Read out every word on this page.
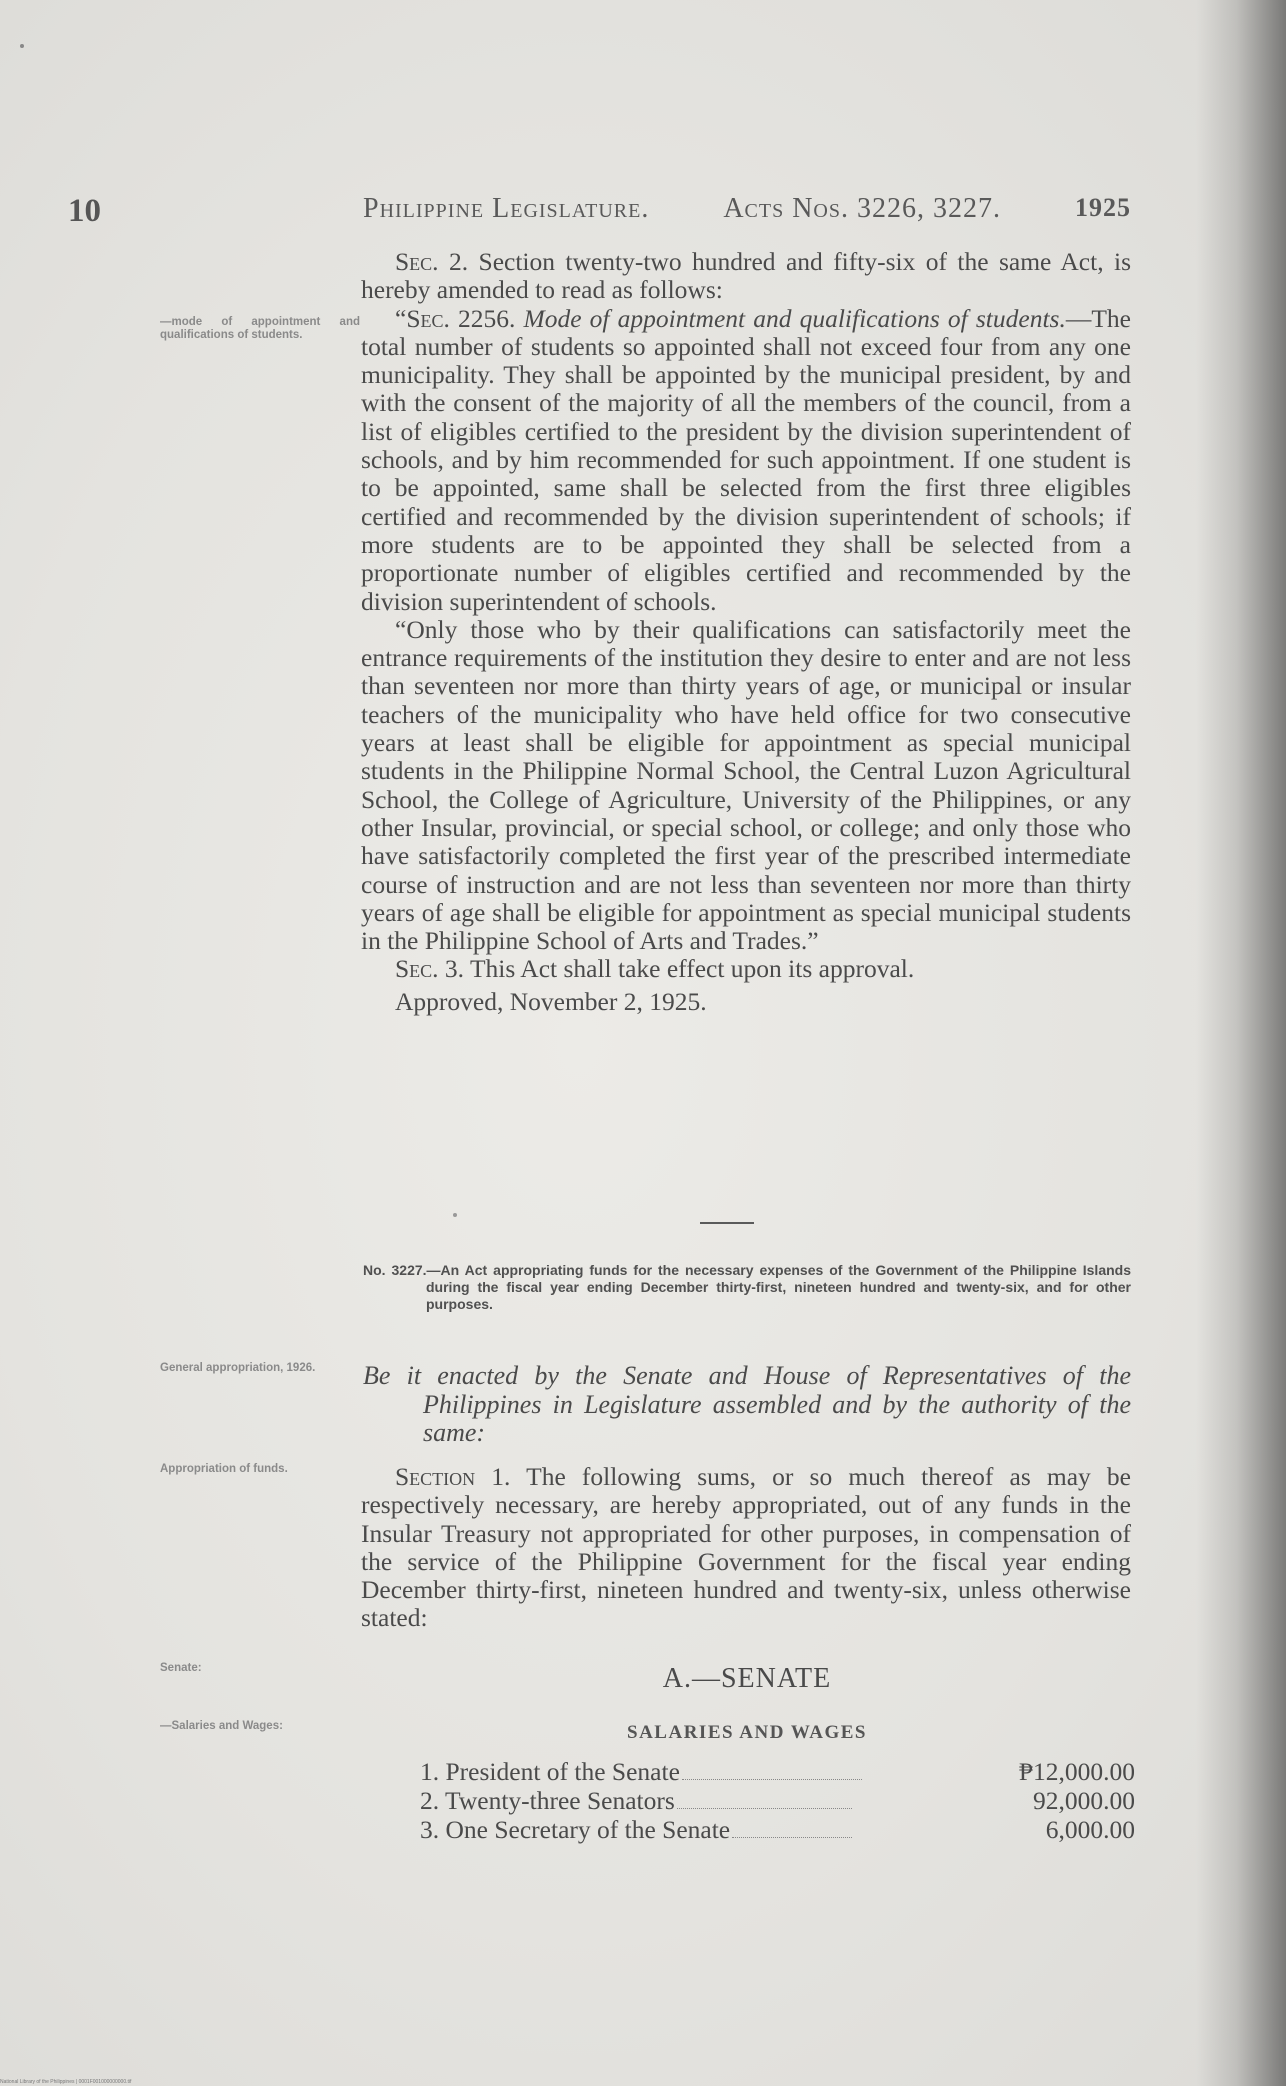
10	Philippine Legislature.	Acts Nos. 3226, 3227.	1925
—mode of appointment and qualifications of students.
General appropriation, 1926.
Appropriation of funds.
Senate:
—Salaries and Wages:

Sec. 2. Section twenty-two hundred and fifty-six of the same Act, is hereby amended to read as follows:

“Sec. 2256. Mode of appointment and qualifications of students.—The total number of students so appointed shall not exceed four from any one municipality. They shall be appointed by the municipal president, by and with the consent of the majority of all the members of the council, from a list of eligibles certified to the president by the division superintendent of schools, and by him recommended for such appointment. If one student is to be appointed, same shall be selected from the first three eligibles certified and recommended by the division superintendent of schools; if more students are to be appointed they shall be selected from a proportionate number of eligibles certified and recommended by the division superintendent of schools.

“Only those who by their qualifications can satisfactorily meet the entrance requirements of the institution they desire to enter and are not less than seventeen nor more than thirty years of age, or municipal or insular teachers of the municipality who have held office for two consecutive years at least shall be eligible for appointment as special municipal students in the Philippine Normal School, the Central Luzon Agricultural School, the College of Agriculture, University of the Philippines, or any other Insular, provincial, or special school, or college; and only those who have satisfactorily completed the first year of the prescribed intermediate course of instruction and are not less than seventeen nor more than thirty years of age shall be eligible for appointment as special municipal students in the Philippine School of Arts and Trades.”

Sec. 3. This Act shall take effect upon its approval.

Approved, November 2, 1925.

No. 3227.—An Act appropriating funds for the necessary expenses of the Government of the Philippine Islands during the fiscal year ending December thirty-first, nineteen hundred and twenty-six, and for other purposes.
Be it enacted by the Senate and House of Representatives of the Philippines in Legislature assembled and by the authority of the same:

Section 1. The following sums, or so much thereof as may be respectively necessary, are hereby appropriated, out of any funds in the Insular Treasury not appropriated for other purposes, in compensation of the service of the Philippine Government for the fiscal year ending December thirty-first, nineteen hundred and twenty-six, unless otherwise stated:

A.—SENATE
SALARIES AND WAGES
1. President of the Senate	₱12,000.00
2. Twenty-three Senators	92,000.00
3. One Secretary of the Senate	6,000.00
National Library of the Philippines | 0001F001000000000.tif
